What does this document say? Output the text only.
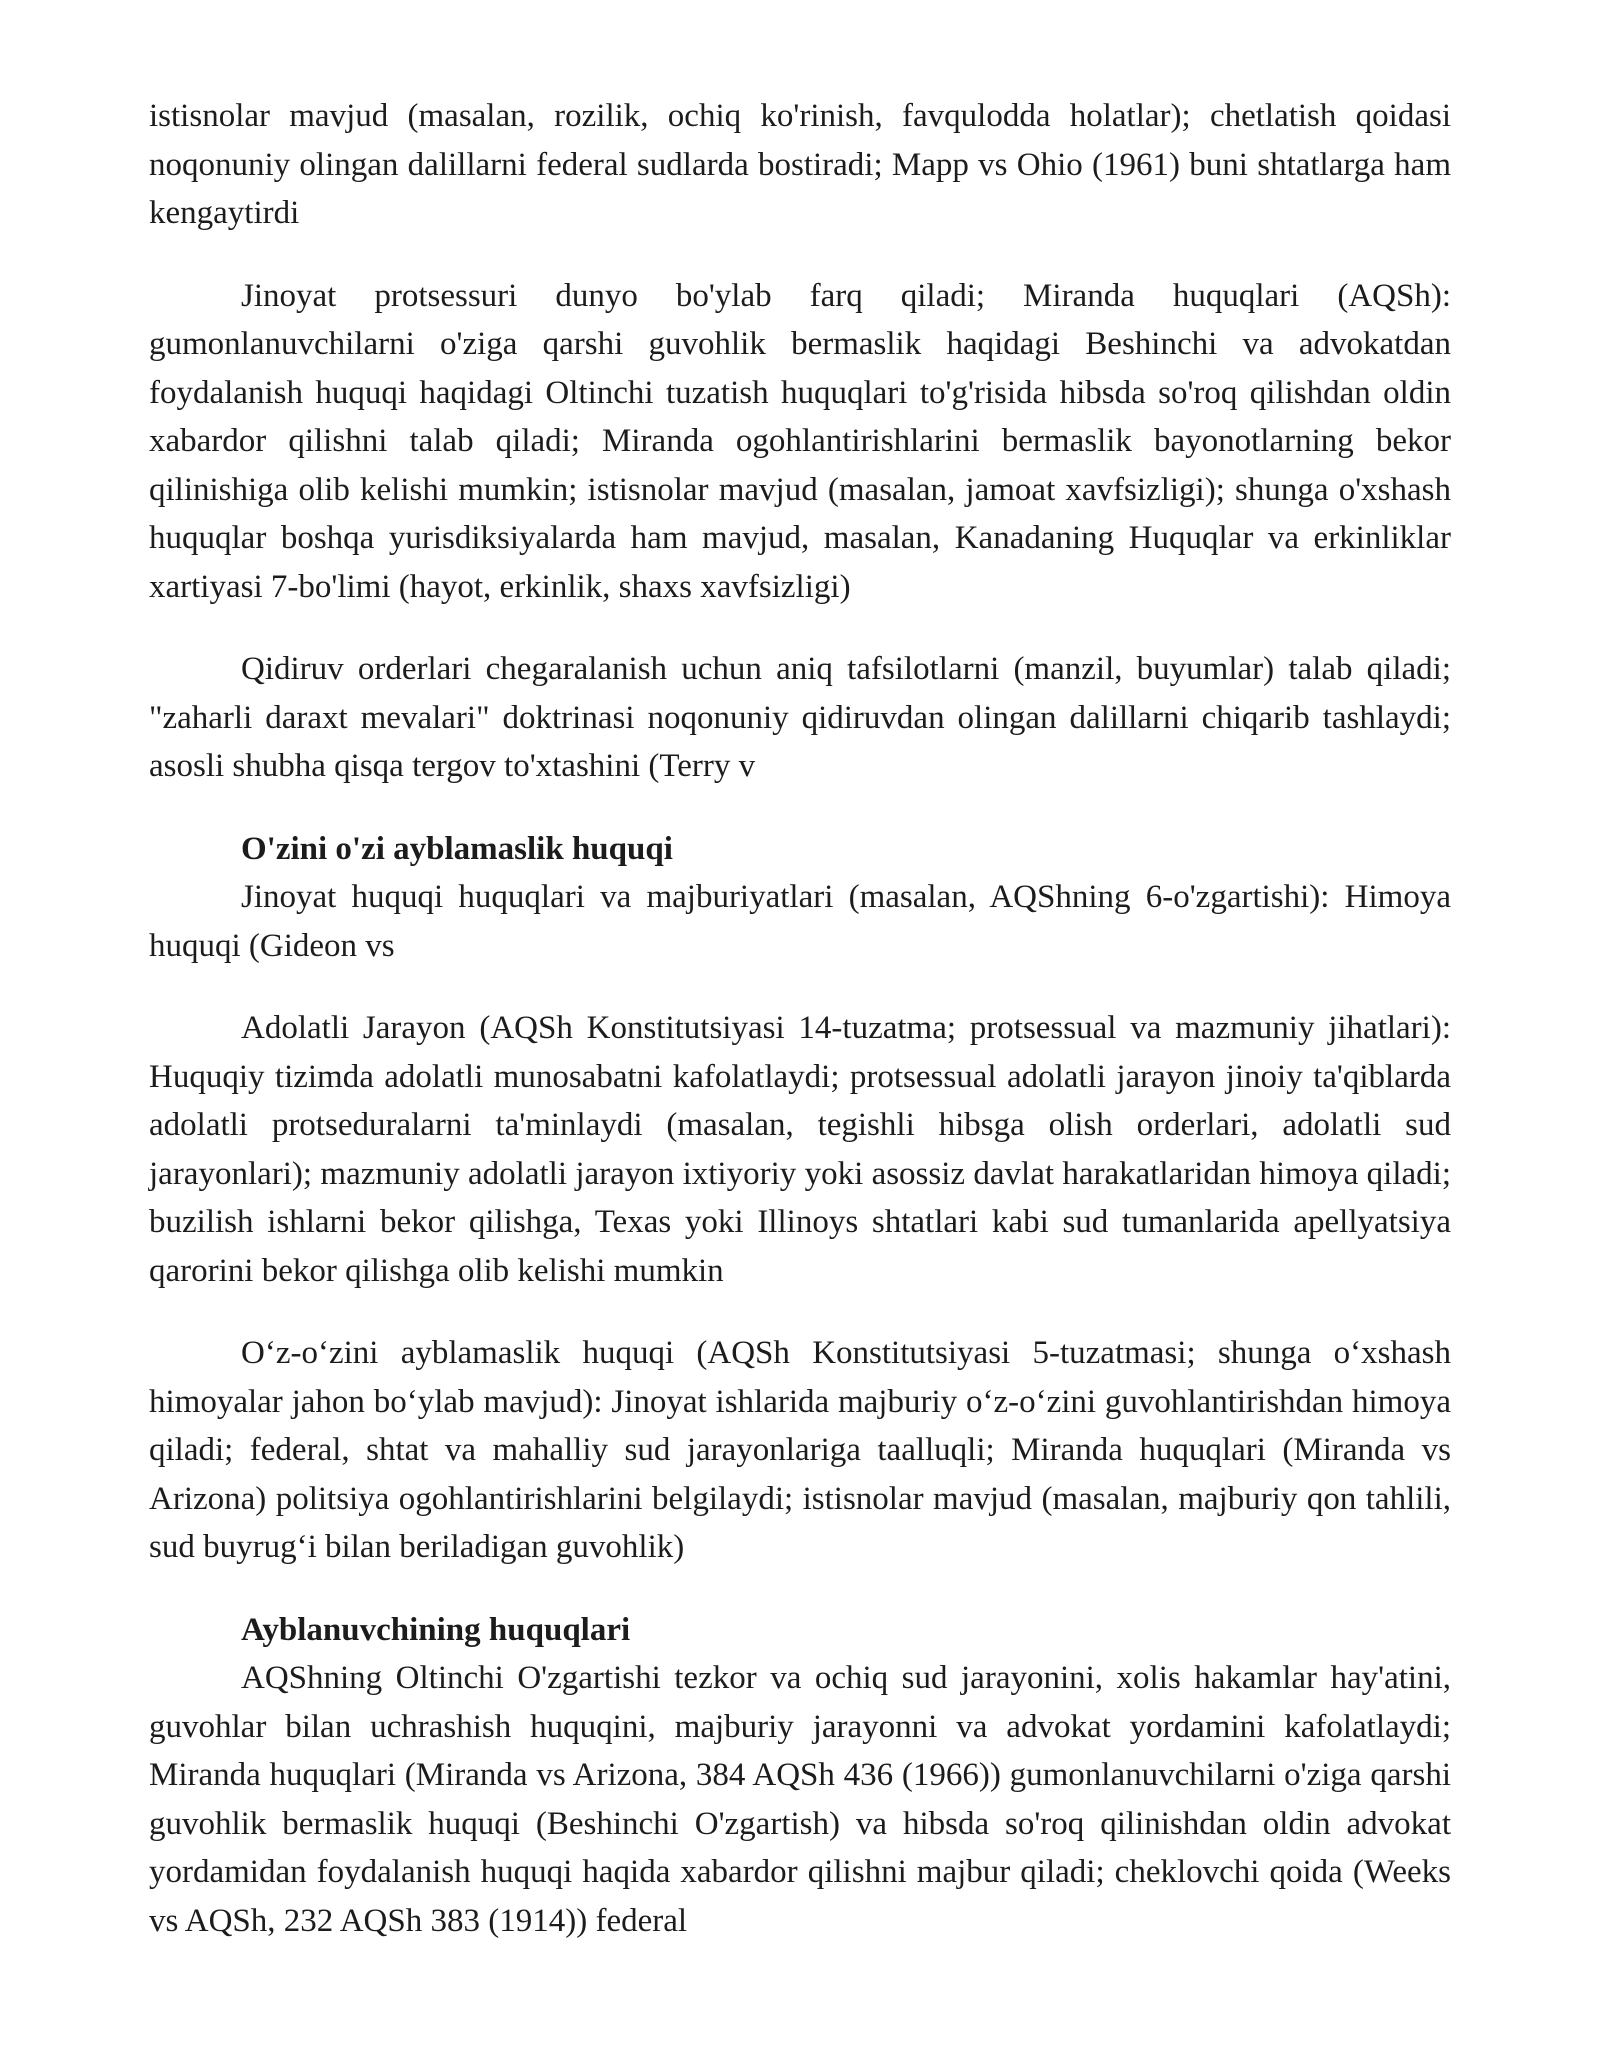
istisnolar mavjud (masalan, rozilik, ochiq ko'rinish, favqulodda holatlar); chetlatish qoidasi noqonuniy olingan dalillarni federal sudlarda bostiradi; Mapp vs Ohio (1961) buni shtatlarga ham kengaytirdi

Jinoyat protsessuri dunyo bo'ylab farq qiladi; Miranda huquqlari (AQSh): gumonlanuvchilarni o'ziga qarshi guvohlik bermaslik haqidagi Beshinchi va advokatdan foydalanish huquqi haqidagi Oltinchi tuzatish huquqlari to'g'risida hibsda so'roq qilishdan oldin xabardor qilishni talab qiladi; Miranda ogohlantirishlarini bermaslik bayonotlarning bekor qilinishiga olib kelishi mumkin; istisnolar mavjud (masalan, jamoat xavfsizligi); shunga o'xshash huquqlar boshqa yurisdiksiyalarda ham mavjud, masalan, Kanadaning Huquqlar va erkinliklar xartiyasi 7-bo'limi (hayot, erkinlik, shaxs xavfsizligi)

Qidiruv orderlari chegaralanish uchun aniq tafsilotlarni (manzil, buyumlar) talab qiladi; "zaharli daraxt mevalari" doktrinasi noqonuniy qidiruvdan olingan dalillarni chiqarib tashlaydi; asosli shubha qisqa tergov to'xtashini (Terry v

O'zini o'zi ayblamaslik huquqi

Jinoyat huquqi huquqlari va majburiyatlari (masalan, AQShning 6-o'zgartishi): Himoya huquqi (Gideon vs

Adolatli Jarayon (AQSh Konstitutsiyasi 14-tuzatma; protsessual va mazmuniy jihatlari): Huquqiy tizimda adolatli munosabatni kafolatlaydi; protsessual adolatli jarayon jinoiy ta'qiblarda adolatli protseduralarni ta'minlaydi (masalan, tegishli hibsga olish orderlari, adolatli sud jarayonlari); mazmuniy adolatli jarayon ixtiyoriy yoki asossiz davlat harakatlaridan himoya qiladi; buzilish ishlarni bekor qilishga, Texas yoki Illinoys shtatlari kabi sud tumanlarida apellyatsiya qarorini bekor qilishga olib kelishi mumkin

O‘z-o‘zini ayblamaslik huquqi (AQSh Konstitutsiyasi 5-tuzatmasi; shunga o‘xshash himoyalar jahon bo‘ylab mavjud): Jinoyat ishlarida majburiy o‘z-o‘zini guvohlantirishdan himoya qiladi; federal, shtat va mahalliy sud jarayonlariga taalluqli; Miranda huquqlari (Miranda vs Arizona) politsiya ogohlantirishlarini belgilaydi; istisnolar mavjud (masalan, majburiy qon tahlili, sud buyrug‘i bilan beriladigan guvohlik)

Ayblanuvchining huquqlari

AQShning Oltinchi O'zgartishi tezkor va ochiq sud jarayonini, xolis hakamlar hay'atini, guvohlar bilan uchrashish huquqini, majburiy jarayonni va advokat yordamini kafolatlaydi; Miranda huquqlari (Miranda vs Arizona, 384 AQSh 436 (1966)) gumonlanuvchilarni o'ziga qarshi guvohlik bermaslik huquqi (Beshinchi O'zgartish) va hibsda so'roq qilinishdan oldin advokat yordamidan foydalanish huquqi haqida xabardor qilishni majbur qiladi; cheklovchi qoida (Weeks vs AQSh, 232 AQSh 383 (1914)) federal
